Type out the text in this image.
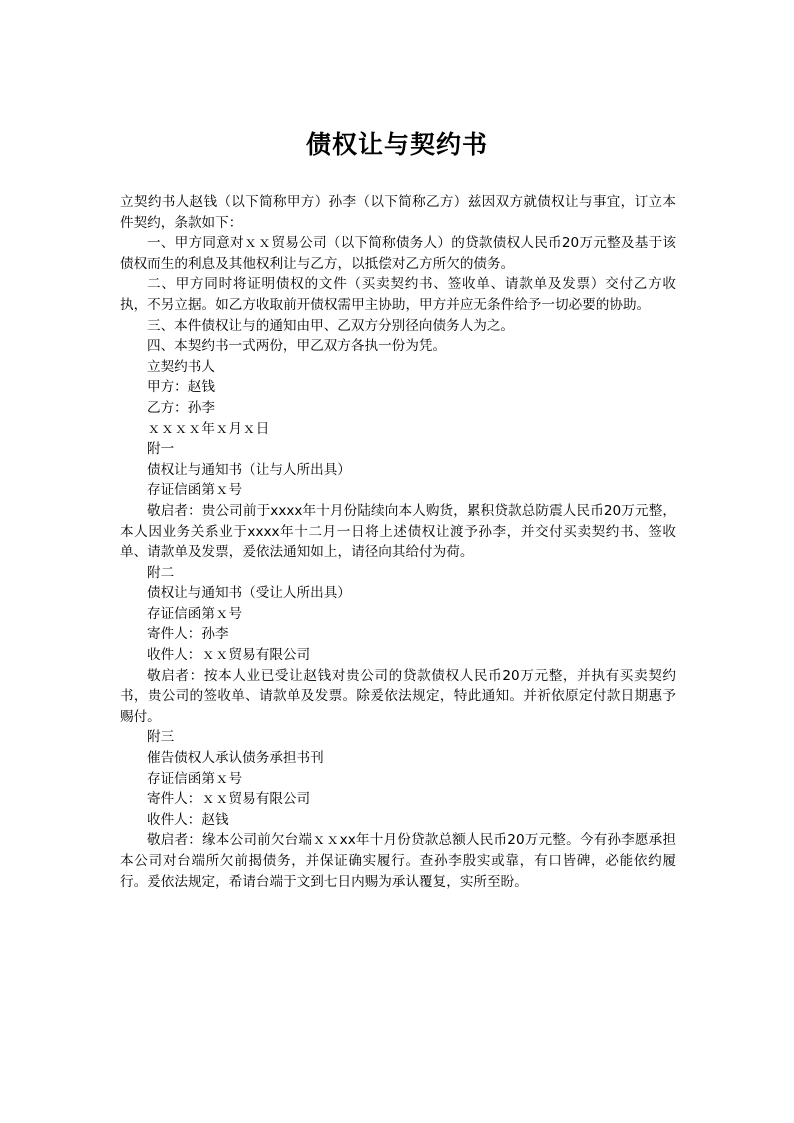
债权让与契约书

立契约书人赵钱（以下简称甲方）孙李（以下简称乙方）兹因双方就债权让与事宜，订立本件契约，条款如下：

一、甲方同意对ｘｘ贸易公司（以下简称债务人）的贷款债权人民币20万元整及基于该债权而生的利息及其他权利让与乙方，以抵偿对乙方所欠的债务。

二、甲方同时将证明债权的文件（买卖契约书、签收单、请款单及发票）交付乙方收执，不另立据。如乙方收取前开债权需甲主协助，甲方并应无条件给予一切必要的协助。

三、本件债权让与的通知由甲、乙双方分别径向债务人为之。

四、本契约书一式两份，甲乙双方各执一份为凭。

立契约书人

甲方：赵钱

乙方：孙李

ｘｘｘｘ年ｘ月ｘ日

附一

债权让与通知书（让与人所出具）

存证信函第ｘ号

敬启者：贵公司前于xxxx年十月份陆续向本人购货，累积贷款总防震人民币20万元整，本人因业务关系业于xxxx年十二月一日将上述债权让渡予孙李，并交付买卖契约书、签收单、请款单及发票，爰依法通知如上，请径向其给付为荷。

附二

债权让与通知书（受让人所出具）

存证信函第ｘ号

寄件人：孙李

收件人：ｘｘ贸易有限公司

敬启者：按本人业已受让赵钱对贵公司的贷款债权人民币20万元整，并执有买卖契约书，贵公司的签收单、请款单及发票。除爰依法规定，特此通知。并祈依原定付款日期惠予赐付。

附三

催告债权人承认债务承担书刊

存证信函第ｘ号

寄件人：ｘｘ贸易有限公司

收件人：赵钱

敬启者：缘本公司前欠台端ｘｘxx年十月份贷款总额人民币20万元整。今有孙李愿承担本公司对台端所欠前揭债务，并保证确实履行。查孙李殷实或靠，有口皆碑，必能依约履行。爰依法规定，希请台端于文到七日内赐为承认覆复，实所至盼。
